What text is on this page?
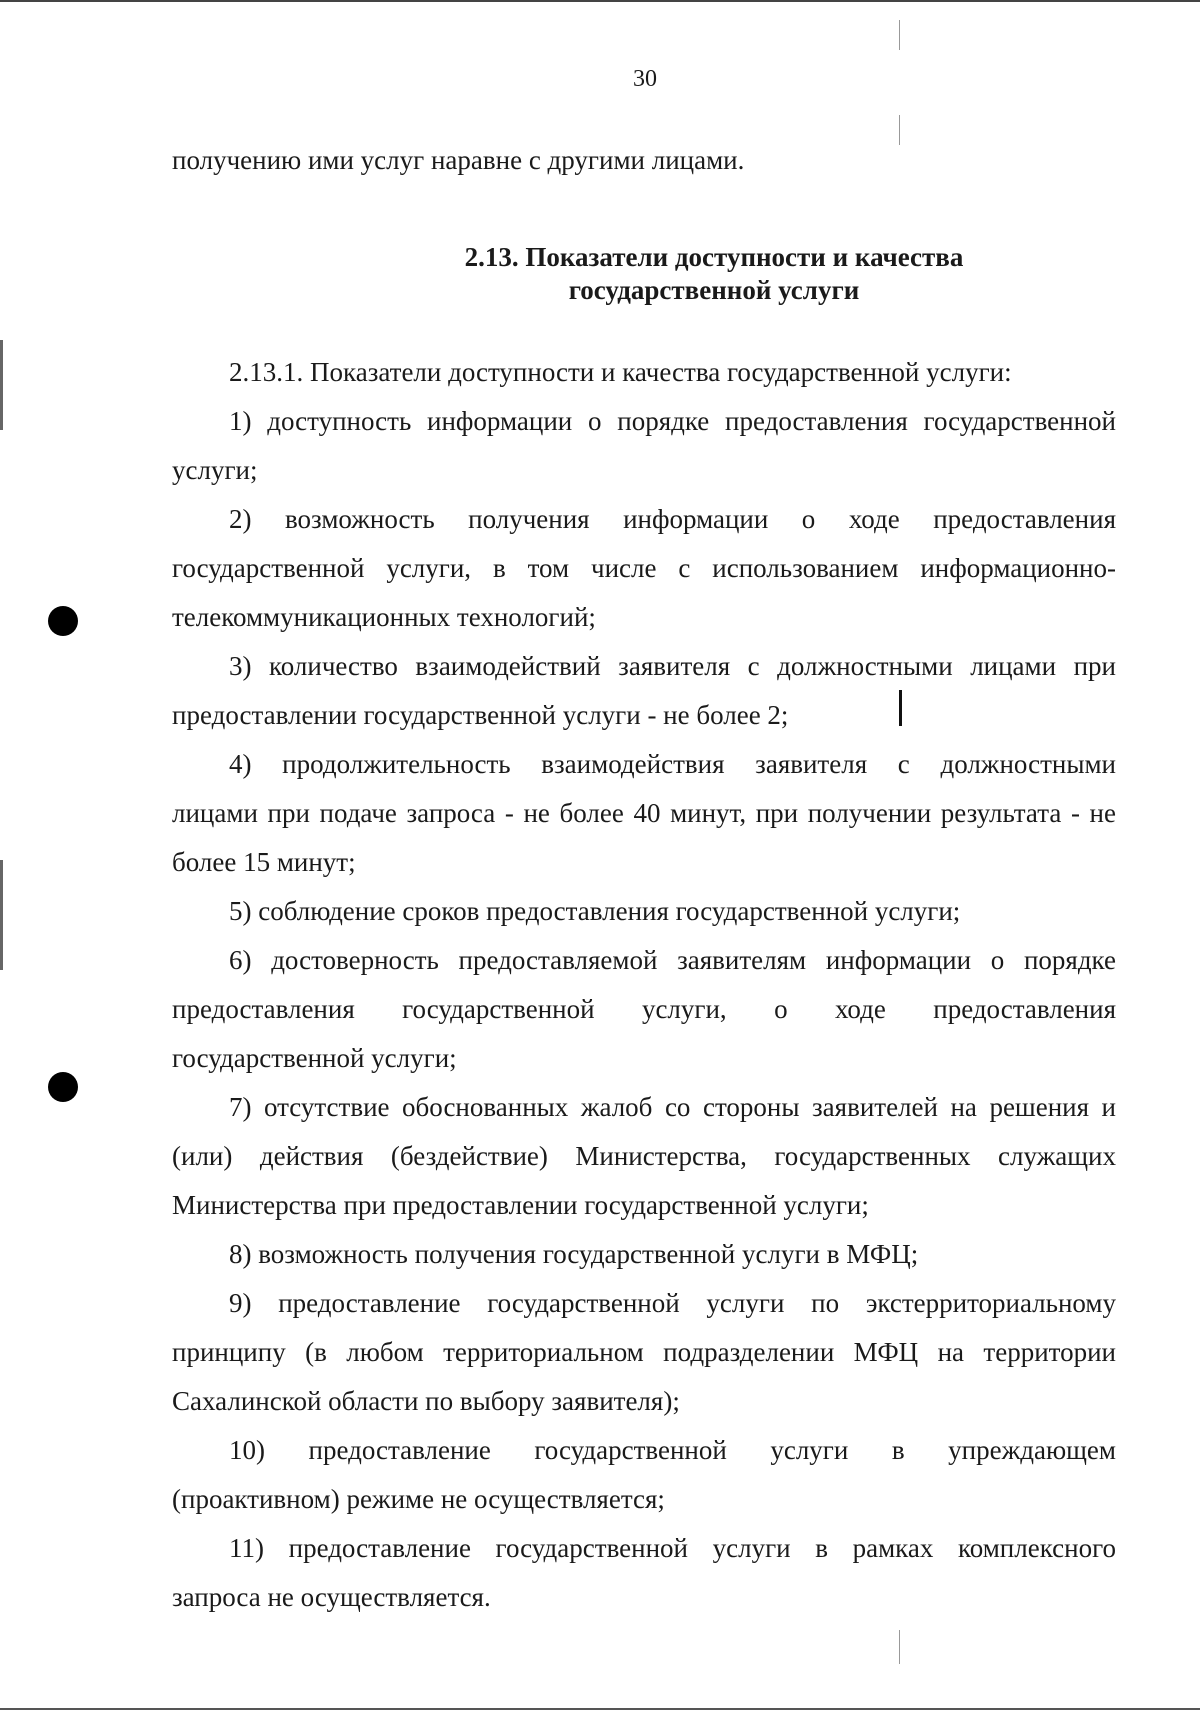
30
получению ими услуг наравне с другими лицами.
2.13. Показатели доступности и качества
государственной услуги
2.13.1. Показатели доступности и качества государственной услуги:
1) доступность информации о порядке предоставления государственной
услуги;
2) возможность получения информации о ходе предоставления
государственной услуги, в том числе с использованием информационно-
телекоммуникационных технологий;
3) количество взаимодействий заявителя с должностными лицами при
предоставлении государственной услуги - не более 2;
4) продолжительность взаимодействия заявителя с должностными
лицами при подаче запроса - не более 40 минут, при получении результата - не
более 15 минут;
5) соблюдение сроков предоставления государственной услуги;
6) достоверность предоставляемой заявителям информации о порядке
предоставления государственной услуги, о ходе предоставления
государственной услуги;
7) отсутствие обоснованных жалоб со стороны заявителей на решения и
(или) действия (бездействие) Министерства, государственных служащих
Министерства при предоставлении государственной услуги;
8) возможность получения государственной услуги в МФЦ;
9) предоставление государственной услуги по экстерриториальному
принципу (в любом территориальном подразделении МФЦ на территории
Сахалинской области по выбору заявителя);
10) предоставление государственной услуги в упреждающем
(проактивном) режиме не осуществляется;
11) предоставление государственной услуги в рамках комплексного
запроса не осуществляется.
